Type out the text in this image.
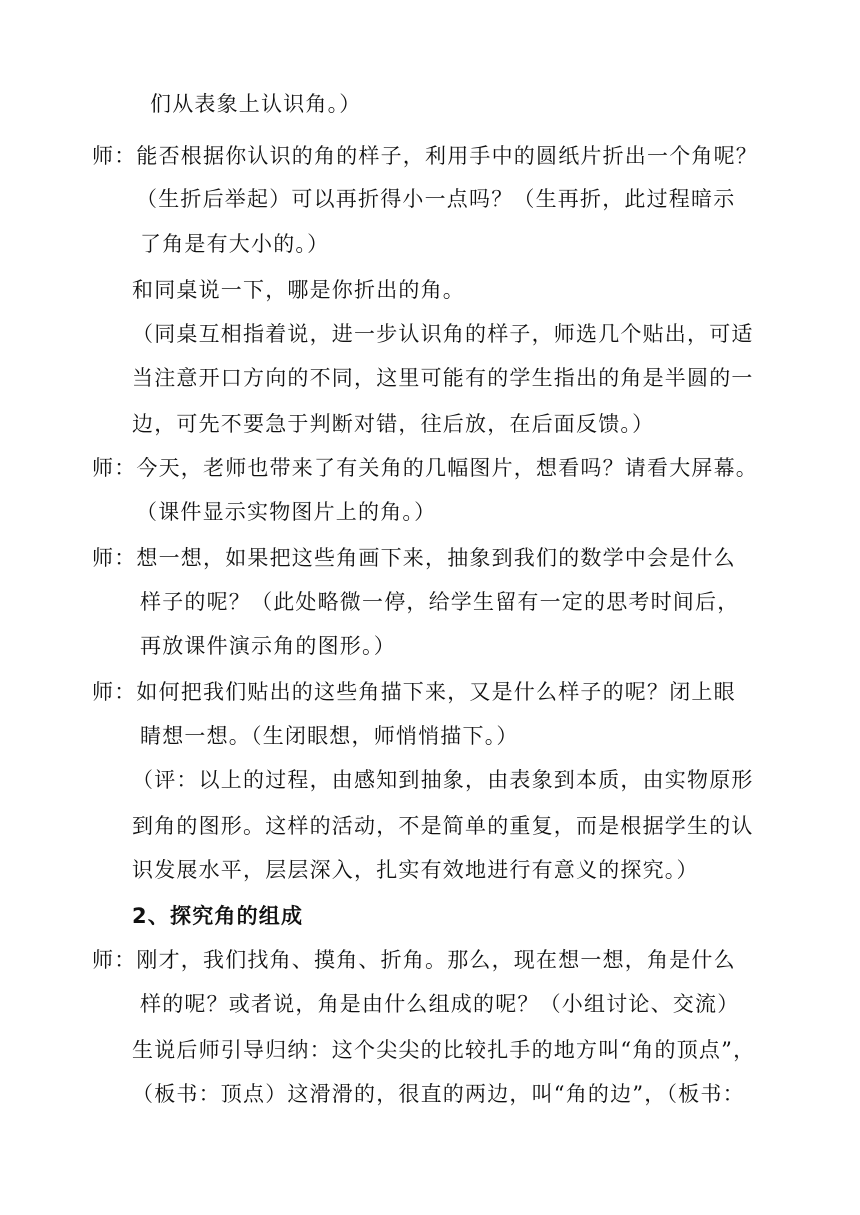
们从表象上认识角。）
师：能否根据你认识的角的样子，利用手中的圆纸片折出一个角呢？
（生折后举起）可以再折得小一点吗？（生再折，此过程暗示
了角是有大小的。）
和同桌说一下，哪是你折出的角。
（同桌互相指着说，进一步认识角的样子，师选几个贴出，可适
当注意开口方向的不同，这里可能有的学生指出的角是半圆的一
边，可先不要急于判断对错，往后放，在后面反馈。）
师：今天，老师也带来了有关角的几幅图片，想看吗？请看大屏幕。
（课件显示实物图片上的角。）
师：想一想，如果把这些角画下来，抽象到我们的数学中会是什么
样子的呢？（此处略微一停，给学生留有一定的思考时间后，
再放课件演示角的图形。）
师：如何把我们贴出的这些角描下来，又是什么样子的呢？闭上眼
睛想一想。（生闭眼想，师悄悄描下。）
（评：以上的过程，由感知到抽象，由表象到本质，由实物原形
到角的图形。这样的活动，不是简单的重复，而是根据学生的认
识发展水平，层层深入，扎实有效地进行有意义的探究。）
2、探究角的组成
师：刚才，我们找角、摸角、折角。那么，现在想一想，角是什么
样的呢？或者说，角是由什么组成的呢？（小组讨论、交流）
生说后师引导归纳：这个尖尖的比较扎手的地方叫“角的顶点”，
（板书：顶点）这滑滑的，很直的两边，叫“角的边”，（板书：
